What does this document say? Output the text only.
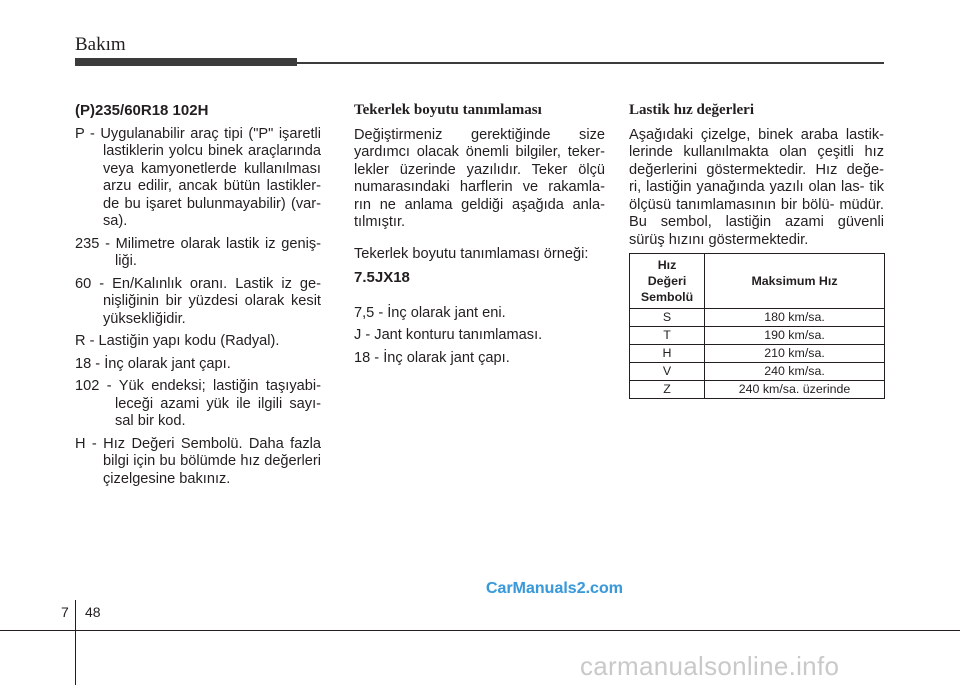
Bakım
(P)235/60R18 102H
P - Uygulanabilir araç tipi ("P" işaretli lastiklerin yolcu binek araçlarında veya kamyonetlerde kullanılması arzu edilir, ancak bütün lastikler- de bu işaret bulunmayabilir) (var- sa).
235 - Milimetre olarak lastik iz geniş- liği.
60 - En/Kalınlık oranı. Lastik iz ge- nişliğinin bir yüzdesi olarak kesit yüksekliğidir.
R - Lastiğin yapı kodu (Radyal).
18 - İnç olarak jant çapı.
102 - Yük endeksi; lastiğin taşıyabi- leceği azami yük ile ilgili sayı- sal bir kod.
H - Hız Değeri Sembolü. Daha fazla bilgi için bu bölümde hız değerleri çizelgesine bakınız.
Tekerlek boyutu tanımlaması
Değiştirmeniz gerektiğinde size yardımcı olacak önemli bilgiler, teker- lekler üzerinde yazılıdır. Teker ölçü numarasındaki harflerin ve rakamla- rın ne anlama geldiği aşağıda anla- tılmıştır.
Tekerlek boyutu tanımlaması örneği:
7.5JX18
7,5 - İnç olarak jant eni.
J - Jant konturu tanımlaması.
18 - İnç olarak jant çapı.
Lastik hız değerleri
Aşağıdaki çizelge, binek araba lastik- lerinde kullanılmakta olan çeşitli hız değerlerini göstermektedir. Hız değe- ri, lastiğin yanağında yazılı olan las- tik ölçüsü tanımlamasının bir bölü- müdür. Bu sembol, lastiğin azami güvenli sürüş hızını göstermektedir.
Hız
Değeri
Sembolü	Maksimum Hız
S	180 km/sa.
T	190 km/sa.
H	210 km/sa.
V	240 km/sa.
Z	240 km/sa. üzerinde
CarManuals2.com
7 48
carmanualsonline.info
